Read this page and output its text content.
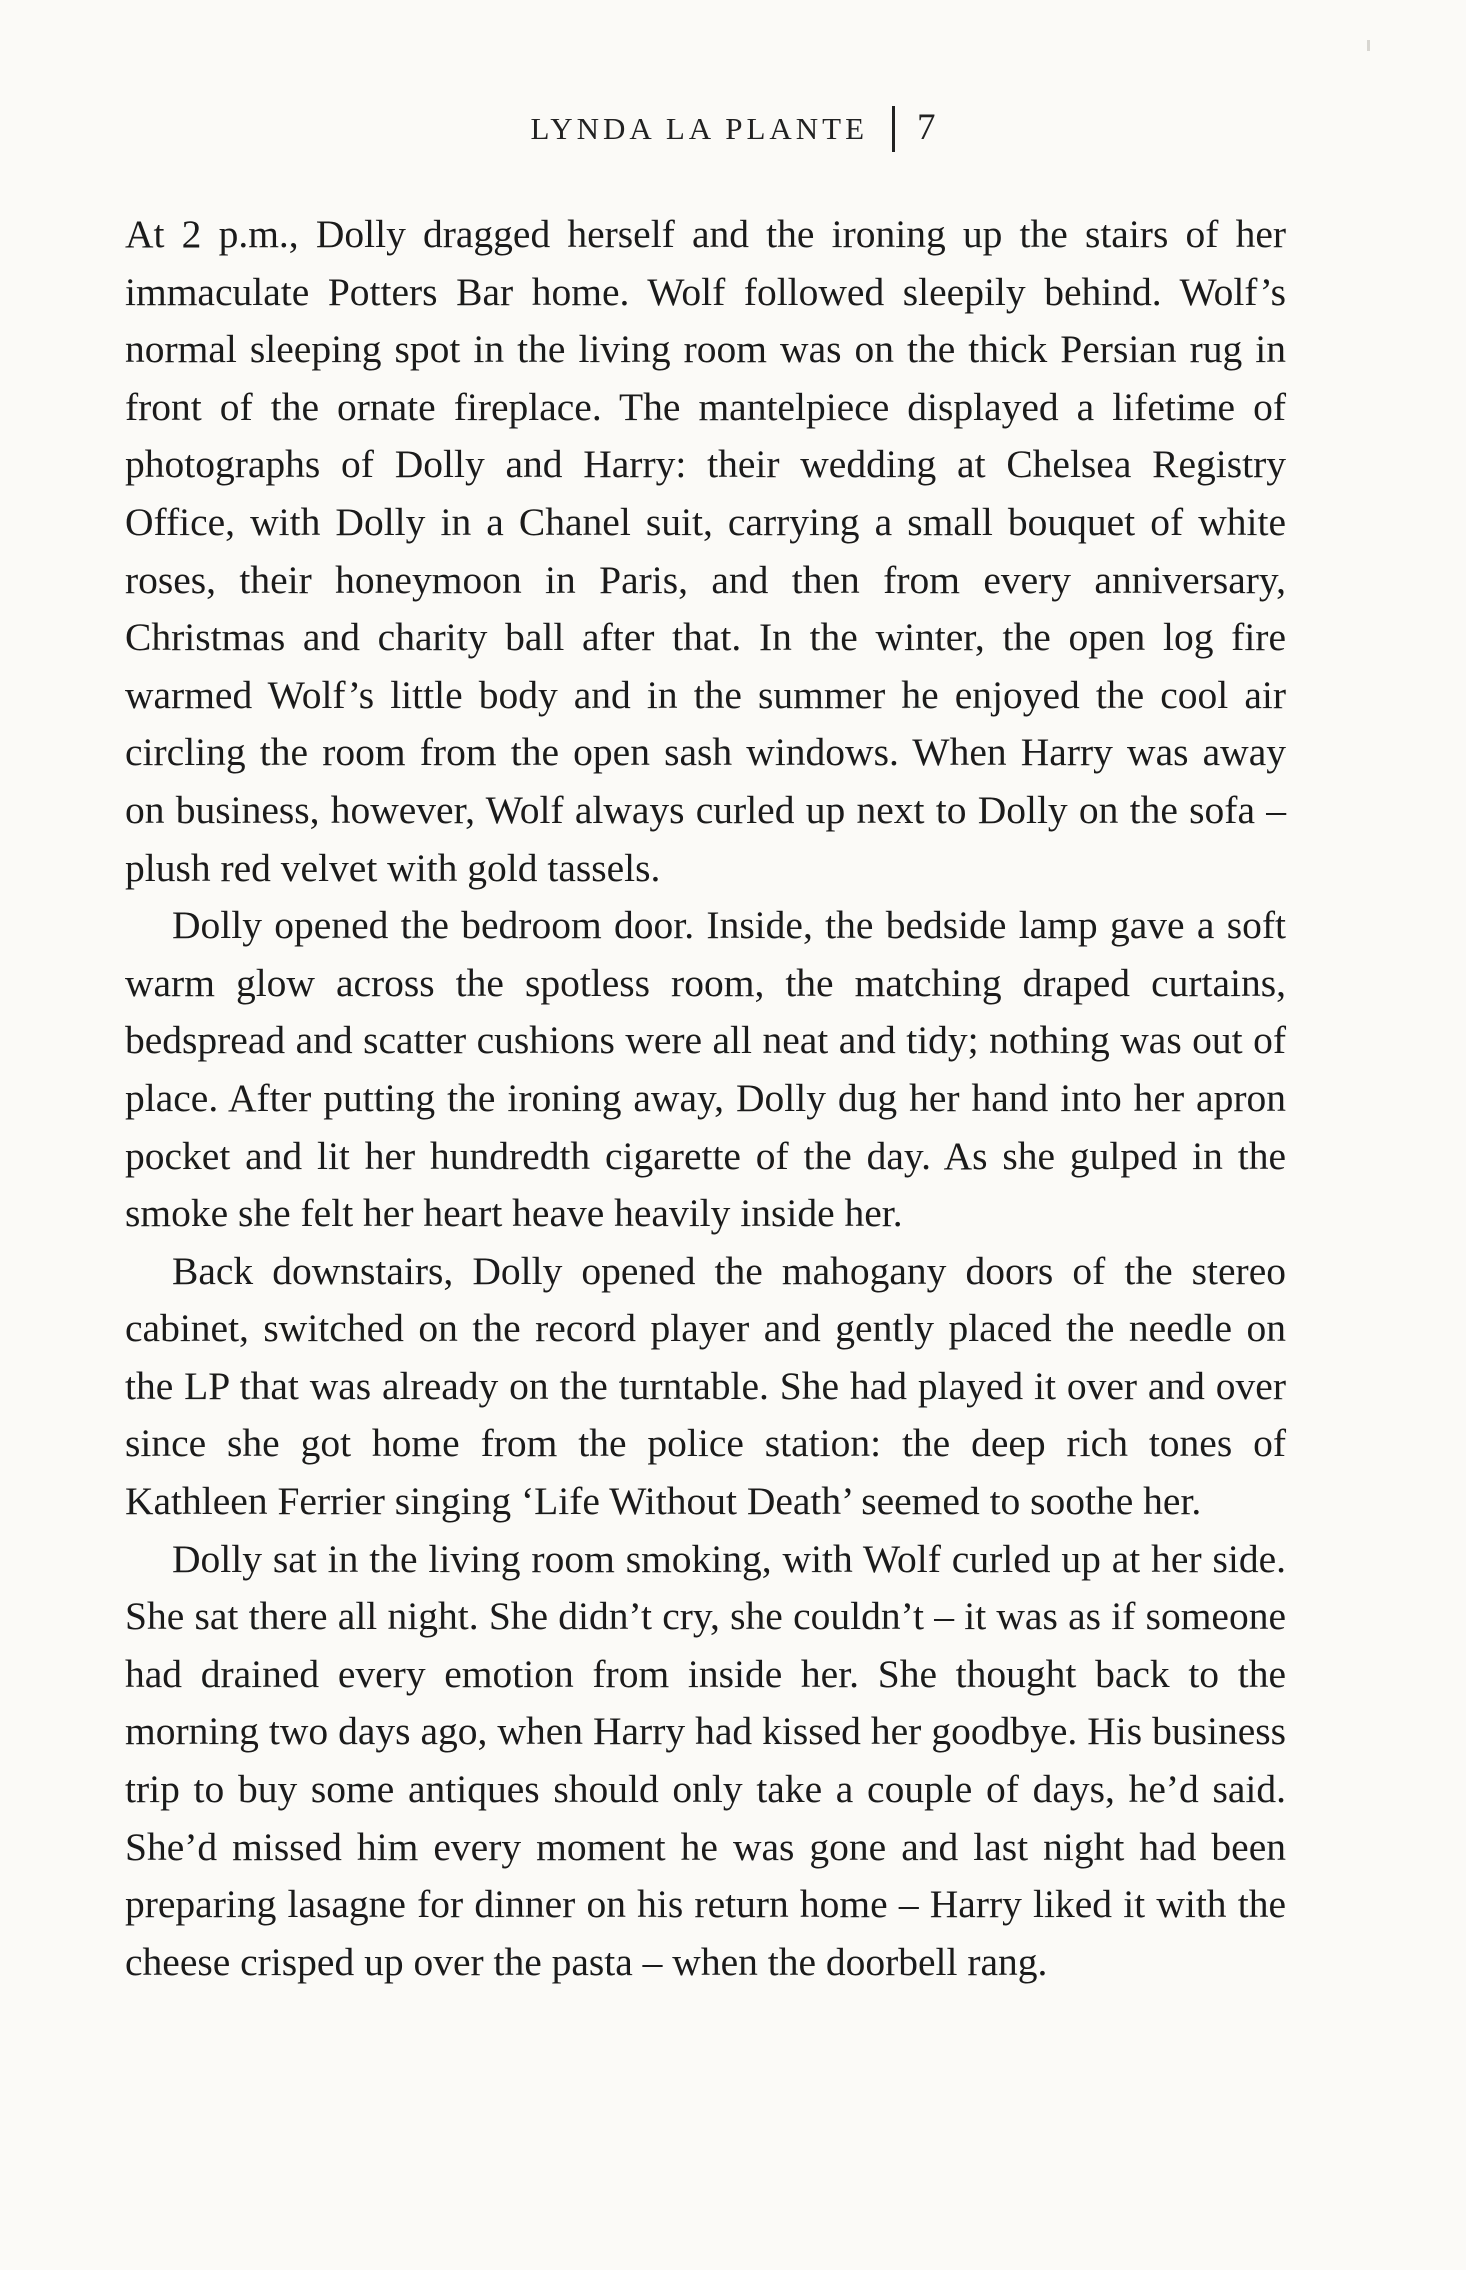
LYNDA LA PLANTE 7

At 2 p.m., Dolly dragged herself and the ironing up the stairs of her immaculate Potters Bar home. Wolf followed sleepily behind. Wolf’s normal sleeping spot in the living room was on the thick Persian rug in front of the ornate fireplace. The mantelpiece displayed a lifetime of photographs of Dolly and Harry: their wedding at Chelsea Registry Office, with Dolly in a Chanel suit, carrying a small bouquet of white roses, their honeymoon in Paris, and then from every anniversary, Christmas and charity ball after that. In the winter, the open log fire warmed Wolf’s little body and in the summer he enjoyed the cool air circling the room from the open sash windows. When Harry was away on business, however, Wolf always curled up next to Dolly on the sofa – plush red velvet with gold tassels.

Dolly opened the bedroom door. Inside, the bedside lamp gave a soft warm glow across the spotless room, the matching draped curtains, bedspread and scatter cushions were all neat and tidy; nothing was out of place. After putting the ironing away, Dolly dug her hand into her apron pocket and lit her hundredth cigarette of the day. As she gulped in the smoke she felt her heart heave heavily inside her.

Back downstairs, Dolly opened the mahogany doors of the stereo cabinet, switched on the record player and gently placed the needle on the LP that was already on the turntable. She had played it over and over since she got home from the police station: the deep rich tones of Kathleen Ferrier singing ‘Life Without Death’ seemed to soothe her.

Dolly sat in the living room smoking, with Wolf curled up at her side. She sat there all night. She didn’t cry, she couldn’t – it was as if someone had drained every emotion from inside her. She thought back to the morning two days ago, when Harry had kissed her goodbye. His business trip to buy some antiques should only take a couple of days, he’d said. She’d missed him every moment he was gone and last night had been preparing lasagne for dinner on his return home – Harry liked it with the cheese crisped up over the pasta – when the doorbell rang.
